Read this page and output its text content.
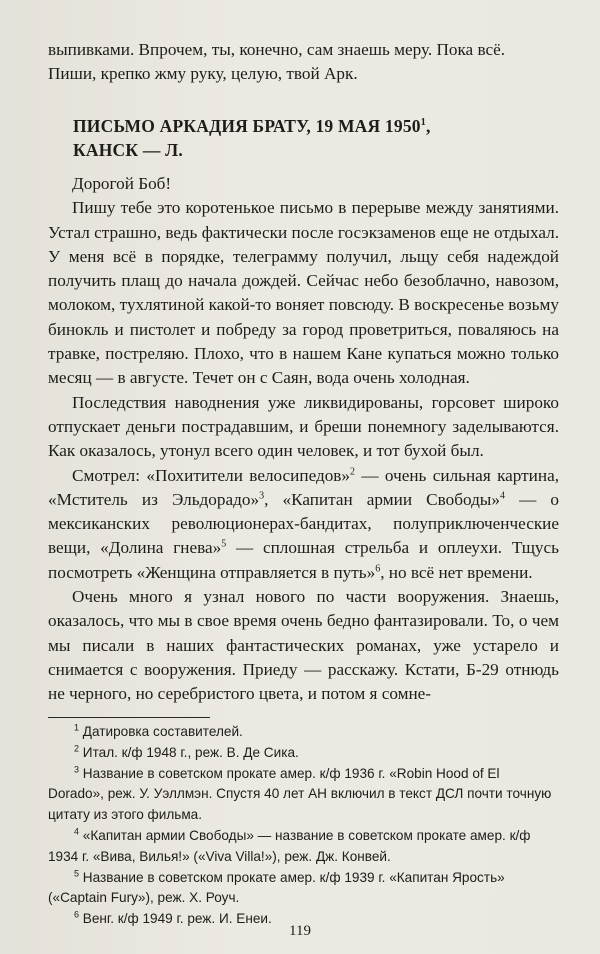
выпивками. Впрочем, ты, конечно, сам знаешь меру. Пока всё.

Пиши, крепко жму руку, целую, твой Арк.

ПИСЬМО АРКАДИЯ БРАТУ, 19 МАЯ 1950$^1$,
КАНСК — Л.

Дорогой Боб!

Пишу тебе это коротенькое письмо в перерыве между занятиями. Устал страшно, ведь фактически после госэкзаменов еще не отдыхал. У меня всё в порядке, телеграмму получил, льщу себя надеждой получить плащ до начала дождей. Сейчас небо безоблачно, навозом, молоком, тухлятиной какой-то воняет повсюду. В воскресенье возьму бинокль и пистолет и побреду за город проветриться, поваляюсь на травке, постреляю. Плохо, что в нашем Кане купаться можно только месяц — в августе. Течет он с Саян, вода очень холодная.

Последствия наводнения уже ликвидированы, горсовет широко отпускает деньги пострадавшим, и бреши понемногу заделываются. Как оказалось, утонул всего один человек, и тот бухой был.

Смотрел: «Похитители велосипедов»$^2$ — очень сильная картина, «Мститель из Эльдорадо»$^3$, «Капитан армии Свободы»$^4$ — о мексиканских революционерах-бандитах, полуприключенческие вещи, «Долина гнева»$^5$ — сплошная стрельба и оплеухи. Тщусь посмотреть «Женщина отправляется в путь»$^6$, но всё нет времени.

Очень много я узнал нового по части вооружения. Знаешь, оказалось, что мы в свое время очень бедно фантазировали. То, о чем мы писали в наших фантастических романах, уже устарело и снимается с вооружения. Приеду — расскажу. Кстати, Б-29 отнюдь не черного, но серебристого цвета, и потом я сомне-

$^1$ Датировка составителей.

$^2$ Итал. к/ф 1948 г., реж. В. Де Сика.

$^3$ Название в советском прокате амер. к/ф 1936 г. «Robin Hood of El Dorado», реж. У. Уэллмэн. Спустя 40 лет АН включил в текст ДСЛ почти точную цитату из этого фильма.

$^4$ «Капитан армии Свободы» — название в советском прокате амер. к/ф 1934 г. «Вива, Вилья!» («Viva Villa!»), реж. Дж. Конвей.

$^5$ Название в советском прокате амер. к/ф 1939 г. «Капитан Ярость» («Captain Fury»), реж. Х. Роуч.

$^6$ Венг. к/ф 1949 г. реж. И. Енеи.

119
